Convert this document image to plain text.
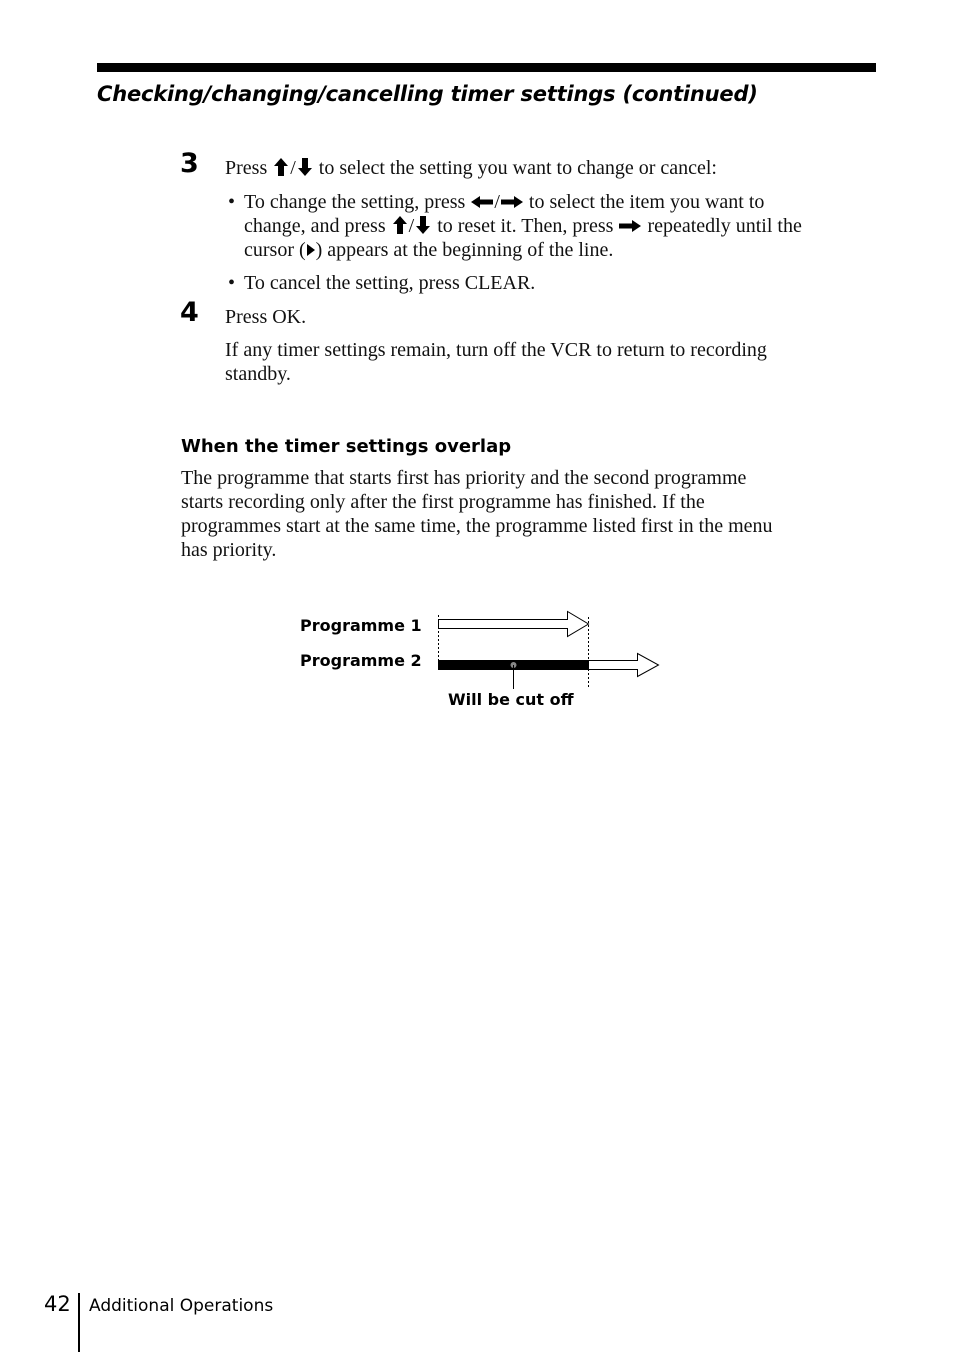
Checking/changing/cancelling timer settings (continued)
3 Press / to select the setting you want to change or cancel:
• To change the setting, press / to select the item you want to
change, and press / to reset it. Then, press repeatedly until the
cursor ( ) appears at the beginning of the line.
• To cancel the setting, press CLEAR.
4 Press OK.
If any timer settings remain, turn off the VCR to return to recording
standby.
When the timer settings overlap
The programme that starts first has priority and the second programme
starts recording only after the first programme has finished. If the
programmes start at the same time, the programme listed first in the menu
has priority.
Programme 1
Programme 2
Will be cut off
42 Additional Operations
